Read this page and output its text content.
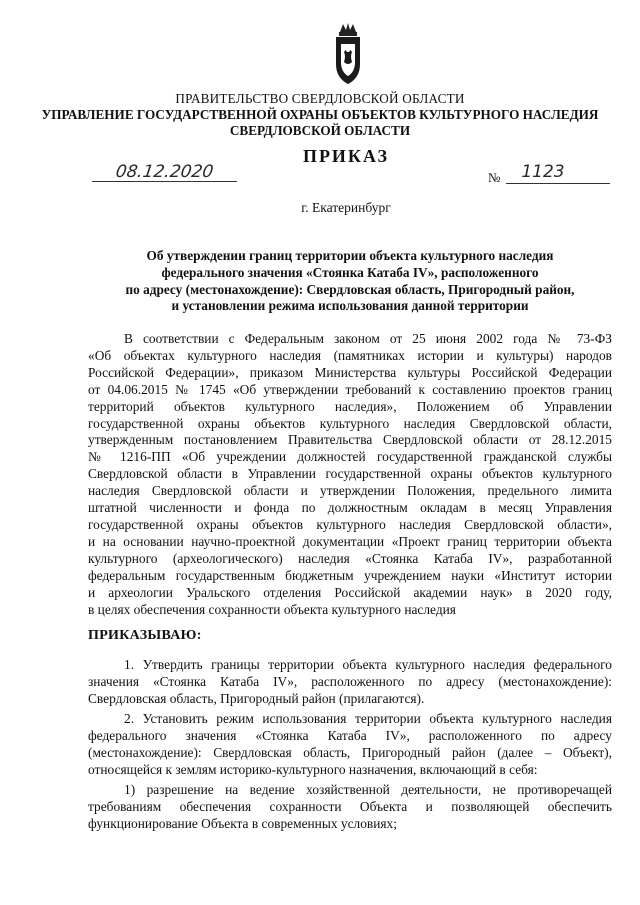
ПРАВИТЕЛЬСТВО СВЕРДЛОВСКОЙ ОБЛАСТИ
УПРАВЛЕНИЕ ГОСУДАРСТВЕННОЙ ОХРАНЫ ОБЪЕКТОВ КУЛЬТУРНОГО НАСЛЕДИЯ
СВЕРДЛОВСКОЙ ОБЛАСТИ
ПРИКАЗ
08.12.2020	№	1123
г. Екатеринбург
Об утверждении границ территории объекта культурного наследия
федерального значения «Стоянка Катаба IV», расположенного
по адресу (местонахождение): Свердловская область, Пригородный район,
и установлении режима использования данной территории
В соответствии с Федеральным законом от 25 июня 2002 года № 73-ФЗ
«Об объектах культурного наследия (памятниках истории и культуры) народов
Российской Федерации», приказом Министерства культуры Российской Федерации
от 04.06.2015 № 1745 «Об утверждении требований к составлению проектов границ
территорий объектов культурного наследия», Положением об Управлении
государственной охраны объектов культурного наследия Свердловской области,
утвержденным постановлением Правительства Свердловской области от 28.12.2015
№ 1216-ПП «Об учреждении должностей государственной гражданской службы
Свердловской области в Управлении государственной охраны объектов культурного
наследия Свердловской области и утверждении Положения, предельного лимита
штатной численности и фонда по должностным окладам в месяц Управления
государственной охраны объектов культурного наследия Свердловской области»,
и на основании научно-проектной документации «Проект границ территории объекта
культурного (археологического) наследия «Стоянка Катаба IV», разработанной
федеральным государственным бюджетным учреждением науки «Институт истории
и археологии Уральского отделения Российской академии наук» в 2020 году,
в целях обеспечения сохранности объекта культурного наследия
ПРИКАЗЫВАЮ:
1. Утвердить границы территории объекта культурного наследия федерального
значения «Стоянка Катаба IV», расположенного по адресу (местонахождение):
Свердловская область, Пригородный район (прилагаются).
2. Установить режим использования территории объекта культурного наследия
федерального значения «Стоянка Катаба IV», расположенного по адресу
(местонахождение): Свердловская область, Пригородный район (далее – Объект),
относящейся к землям историко-культурного назначения, включающий в себя:
1) разрешение на ведение хозяйственной деятельности, не противоречащей
требованиям обеспечения сохранности Объекта и позволяющей обеспечить
функционирование Объекта в современных условиях;
